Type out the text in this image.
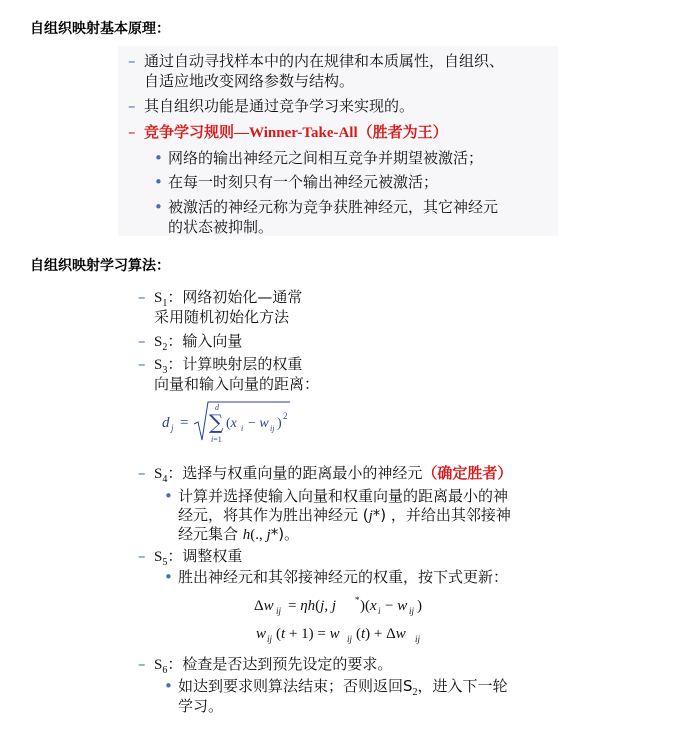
自组织映射基本原理：
– 通过自动寻找样本中的内在规律和本质属性，自组织、
自适应地改变网络参数与结构。
– 其自组织功能是通过竞争学习来实现的。
– 竞争学习规则—Winner-Take-All（胜者为王）
• 网络的输出神经元之间相互竞争并期望被激活；
• 在每一时刻只有一个输出神经元被激活；
• 被激活的神经元称为竞争获胜神经元，其它神经元
的状态被抑制。
自组织映射学习算法：
– $S_1$：网络初始化—通常
采用随机初始化方法
– $S_2$：输入向量
– $S_3$：计算映射层的权重
向量和输入向量的距离：
d j = ∑
d
i=1
(x i − w ij ) 2
– $S_4$：选择与权重向量的距离最小的神经元（确定胜者）
• 计算并选择使输入向量和权重向量的距离最小的神
经元，将其作为胜出神经元 (j*) ，并给出其邻接神
经元集合 h(., j*)。
– $S_5$：调整权重
• 胜出神经元和其邻接神经元的权重，按下式更新：
Δw ij = ηh(j, j * )(x i − w ij )
w ij (t + 1) = w ij (t) + Δw ij
– $S_6$：检查是否达到预先设定的要求。
• 如达到要求则算法结束；否则返回$S_2$，进入下一轮
学习。
